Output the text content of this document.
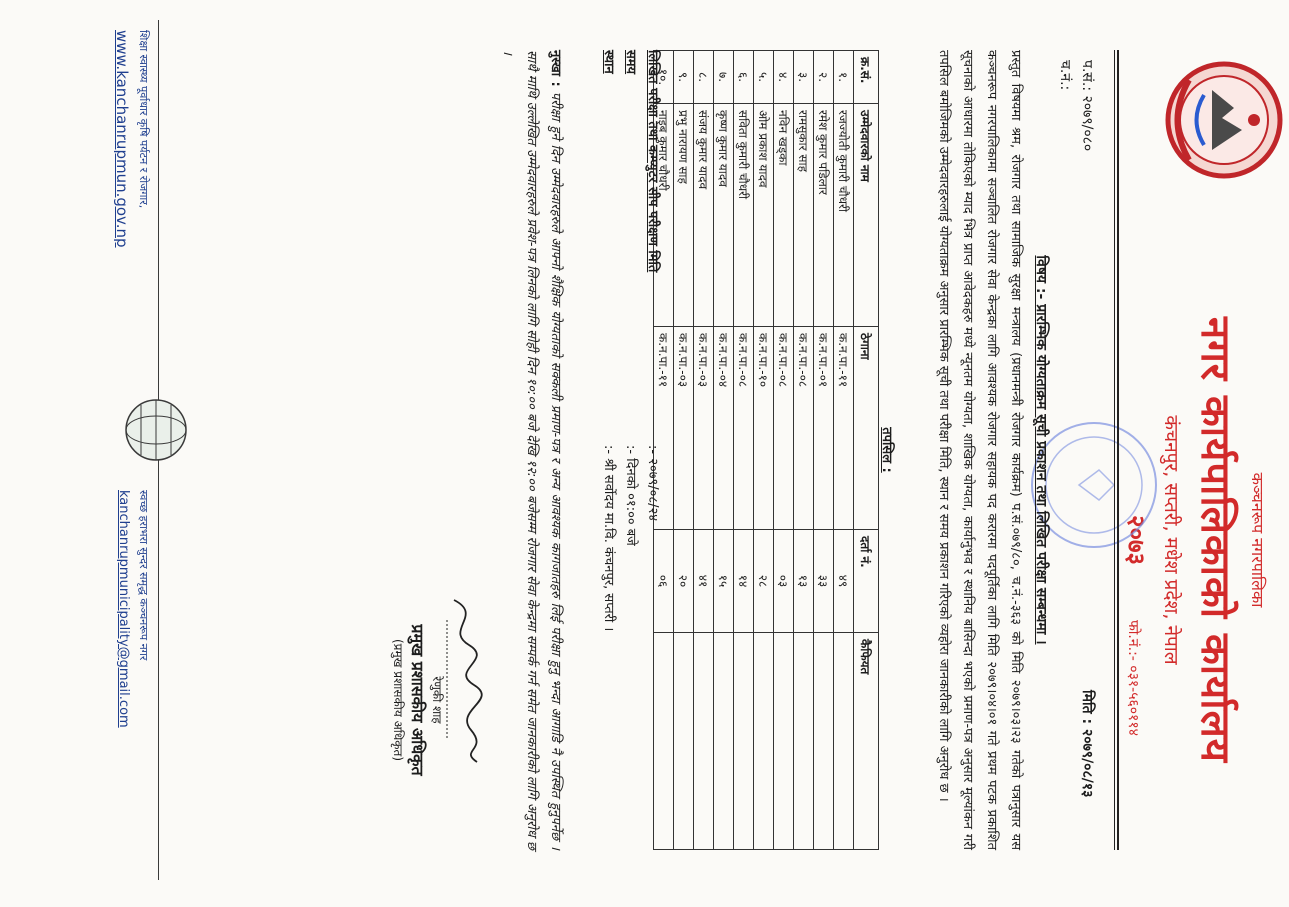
कञ्चनरूप नगरपालिका
नगर कार्यपालिकाको कार्यालय
कंचनपुर, सप्तरी, मधेश प्रदेश, नेपाल
२०७३
फो.नं.:- ०३१-५६०११४
प.सं.: २०७९/०८०
च.नं.:
मिति : २०७९/०८/१३
विषय :- प्रारम्भिक योग्यताक्रम सूची प्रकाशन तथा लिखित परीक्षा सम्बन्धमा ।
प्रस्तुत विषयमा श्रम, रोजगार तथा सामाजिक सुरक्षा मन्त्रालय (प्रधानमन्त्री रोजगार कार्यक्रम) प.सं.०७९/८०, च.नं.-३६३ को मिति २०७९।०३।२३ गतेको पत्रानुसार यस कञ्चनरूप नगरपालिकामा सञ्चालित रोजगार सेवा केन्द्रका लागि आवश्यक रोजगार सहायक पद करारमा पदपूर्तिका लागि मिति २०७९।०४।०१ गते प्रथम पटक प्रकाशित सूचनाको आधारमा तोकिएको म्याद भित्र प्राप्त आवेदकहरु मध्ये न्यूनतम योग्यता, शाखिक योग्यता, कार्यानुभव र स्थानिय बासिन्दा भएको प्रमाण-पत्र अनुसार मूल्यांकन गरी तपसिल बमोजिमको उम्मेदवारहरुलाई योग्यताक्रम अनुसार प्रारम्भिक सूची तथा परीक्षा मिति, स्थान र समय प्रकाशन गरिएको व्यहोरा जानकारीको लागि अनुरोध छ ।
तपसिल :
क्र.सं.	उम्मेदवारको नाम	ठेगाना	दर्ता नं.	कैफियत
१.	रजज्योती कुमारी चौधरी	क.न.पा.-११	४९	
२.	रमेश कुमार पडिलार	क.न.पा.-०१	३३	
३.	रामसुकार साह	क.न.पा.-०८	१३	
४.	नविन खड्का	क.न.पा.-०८	०३	
५.	ओम प्रकाश यादव	क.न.पा.-१०	२८	
६.	सविता कुमारी चौधरी	क.न.पा.-०८	१४	
७.	कृष्ण कुमार यादव	क.न.पा.-०४	१५	
८.	संजय कुमार यादव	क.न.पा.-०३	४१	
९.	प्रभु नारायण साह	क.न.पा.-०३	२०	
१०.	नाइब कुमार चौधरी	क.न.पा.-११	०६	
लिखित परीक्षा तथा कम्प्युटर सीप परीक्षण मिति
:- २०७९/०८/२४
समय
:- दिनको ०१:०० बजे
स्थान
:- श्री सर्वोदय मा.वि. कंचनपुर, सप्तरी ।
नुस्खा : परीक्षा हुने दिन उम्मेदवारहरुले आफ्नो शैक्षिक योग्यताको सक्कली प्रमाण-पत्र र अन्य आवश्यक कागजातहरु लिई परीक्षा हुनु भन्दा आगाडि नै उपस्थित हुनुपर्नेछ । साथै माथि उल्लेखित उम्मेदवारहरुले प्रवेश-पत्र लिनको लागि सोही दिन १०:०० बजे देखि १२:०० बजेसम्म रोजगार सेवा केन्द्रमा सम्पर्क गर्न समेत जानकारीको लागि अनुरोध छ ।
रेणुकी शाह
प्रमुख प्रशासकीय अधिकृत
(प्रमुख प्रशासकीय अधिकृत)
शिक्षा स्वास्थ्य पूर्वाधार कृषि पर्यटन र रोजगार,
स्वच्छ हराभरा सुन्दर समृद्ध कञ्चनरूप नगर
www.kanchanrupmun.gov.np
kanchanrupmunicipality@gmail.com
